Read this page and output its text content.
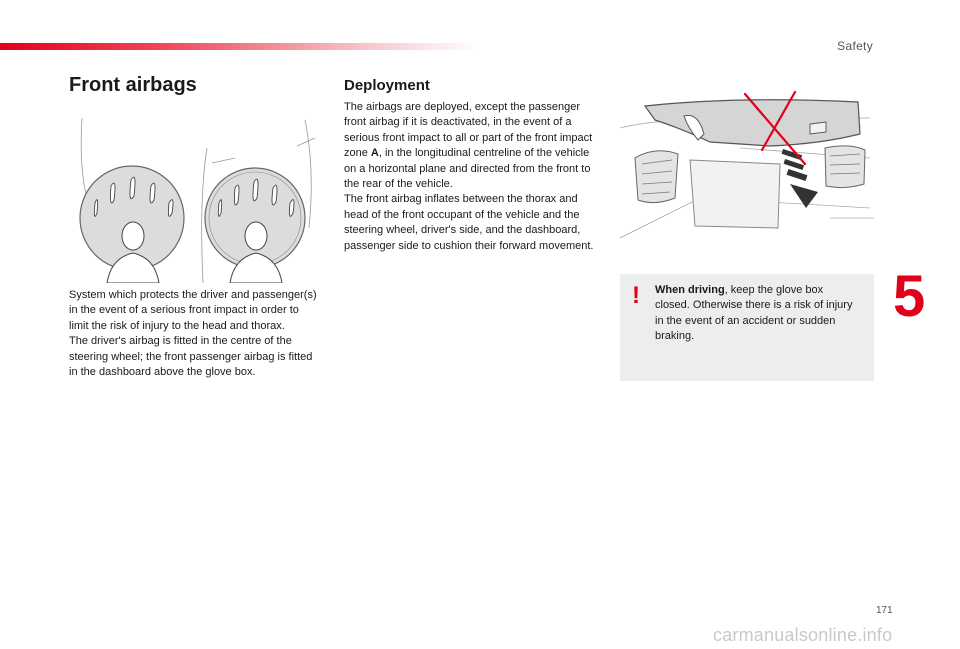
Safety
Front airbags

System which protects the driver and passenger(s) in the event of a serious front impact in order to limit the risk of injury to the head and thorax.

The driver's airbag is fitted in the centre of the steering wheel; the front passenger airbag is fitted in the dashboard above the glove box.

Deployment

The airbags are deployed, except the passenger front airbag if it is deactivated, in the event of a serious front impact to all or part of the front impact zone A, in the longitudinal centreline of the vehicle on a horizontal plane and directed from the front to the rear of the vehicle.

The front airbag inflates between the thorax and head of the front occupant of the vehicle and the steering wheel, driver's side, and the dashboard, passenger side to cushion their forward movement.

! When driving, keep the glove box closed. Otherwise there is a risk of injury in the event of an accident or sudden braking.
5
171
carmanualsonline.info
